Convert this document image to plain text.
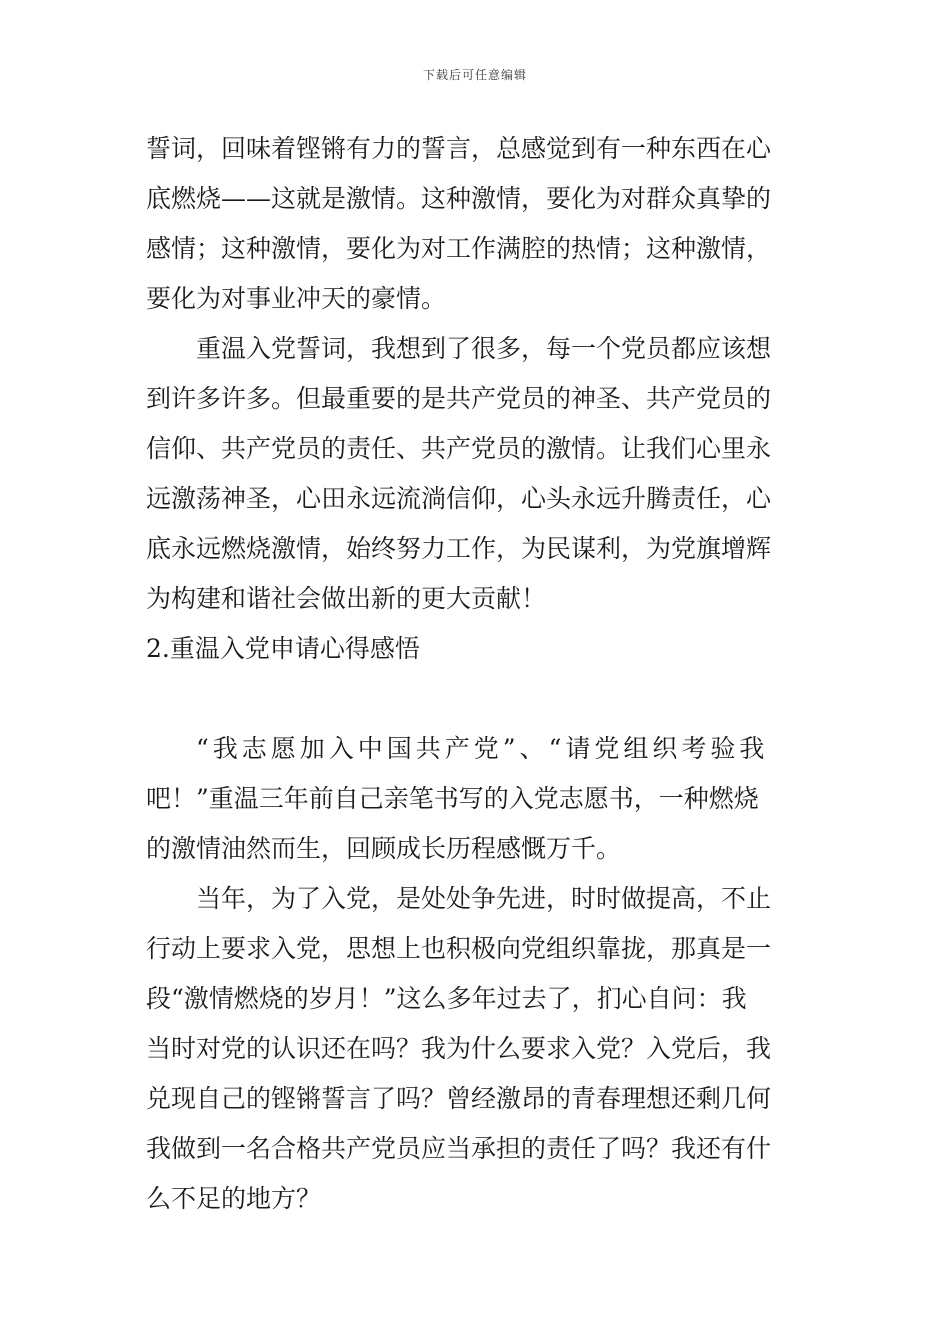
下载后可任意编辑
誓词，回味着铿锵有力的誓言，总感觉到有一种东西在心
底燃烧——这就是激情。这种激情，要化为对群众真挚的
感情；这种激情，要化为对工作满腔的热情；这种激情，
要化为对事业冲天的豪情。
重温入党誓词，我想到了很多，每一个党员都应该想
到许多许多。但最重要的是共产党员的神圣、共产党员的
信仰、共产党员的责任、共产党员的激情。让我们心里永
远激荡神圣，心田永远流淌信仰，心头永远升腾责任，心
底永远燃烧激情，始终努力工作，为民谋利，为党旗增辉
为构建和谐社会做出新的更大贡献！
2.重温入党申请心得感悟
“我志愿加入中国共产党”、“请党组织考验我
吧！”重温三年前自己亲笔书写的入党志愿书，一种燃烧
的激情油然而生，回顾成长历程感慨万千。
当年，为了入党，是处处争先进，时时做提高，不止
行动上要求入党，思想上也积极向党组织靠拢，那真是一
段“激情燃烧的岁月！”这么多年过去了，扪心自问：我
当时对党的认识还在吗？我为什么要求入党？入党后，我
兑现自己的铿锵誓言了吗？曾经激昂的青春理想还剩几何
我做到一名合格共产党员应当承担的责任了吗？我还有什
么不足的地方？
